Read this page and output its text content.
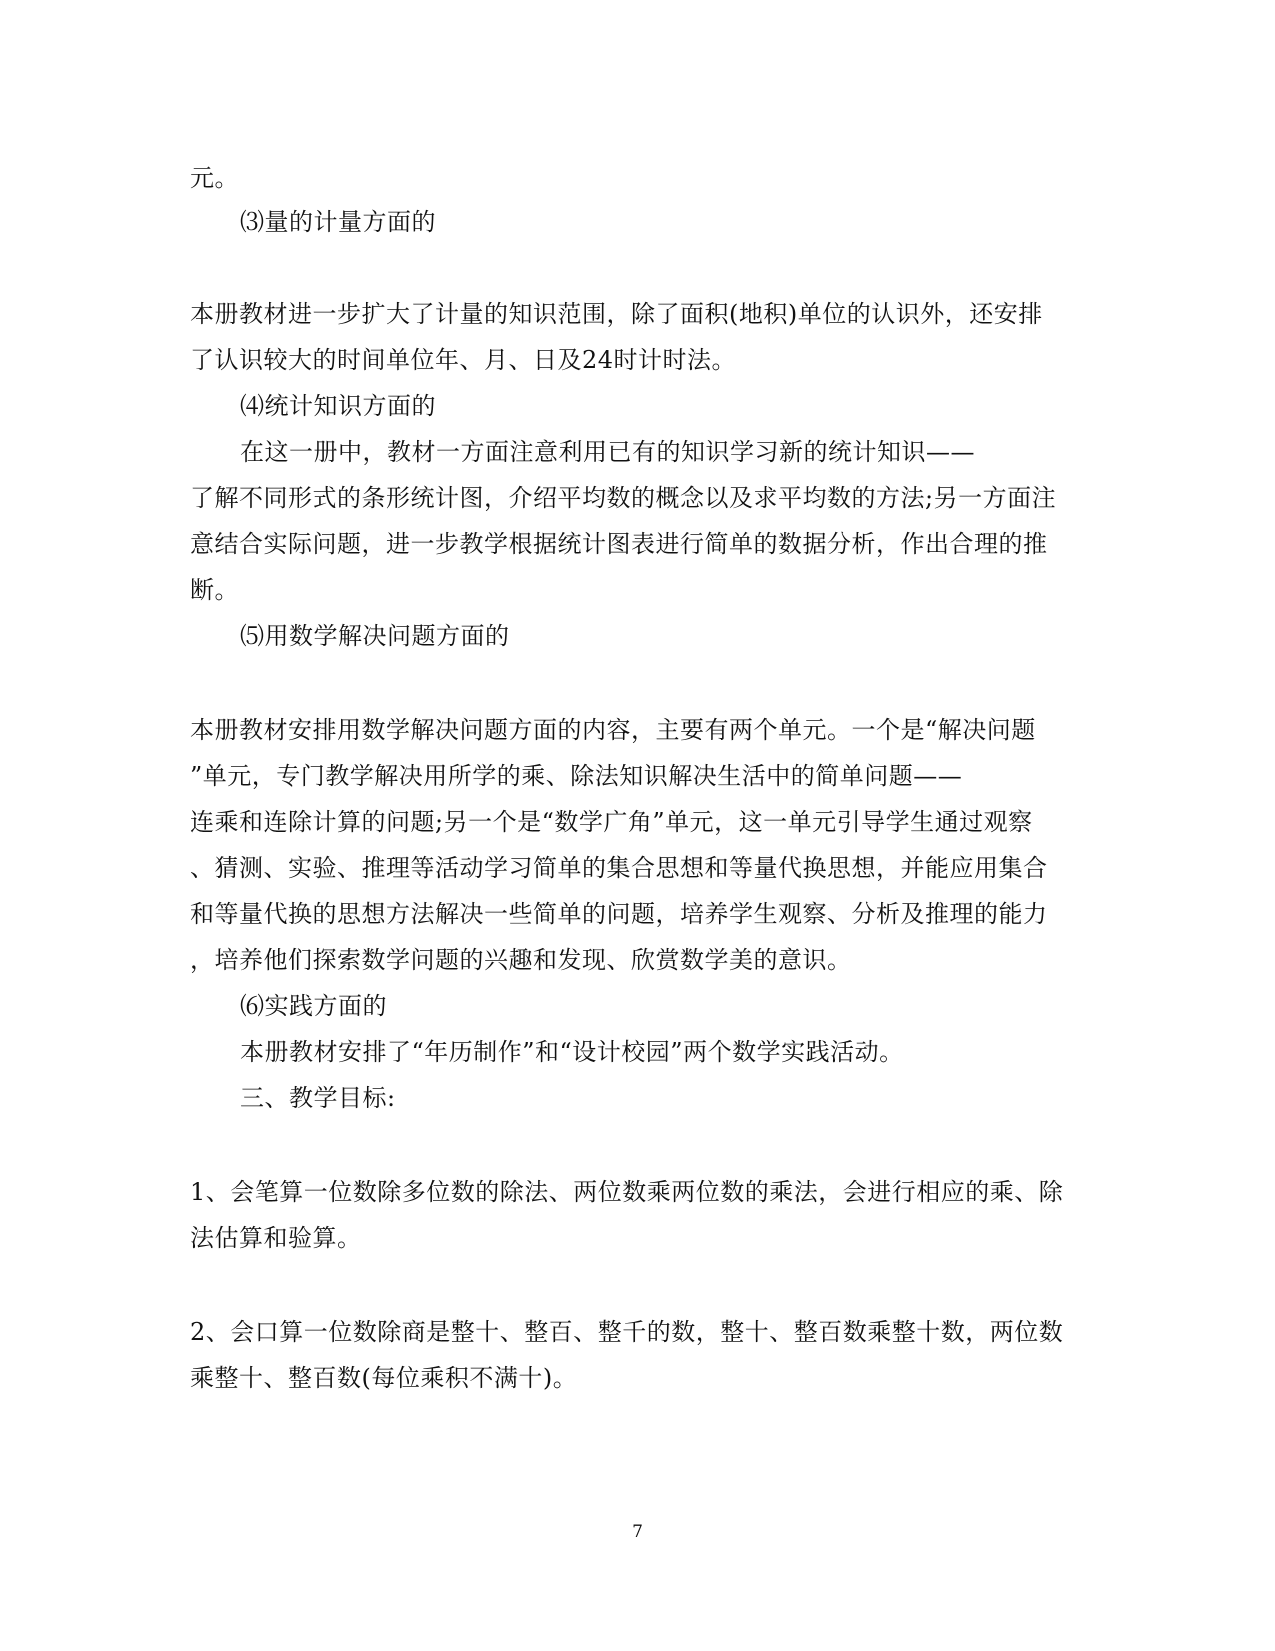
元。
⑶量的计量方面的
本册教材进一步扩大了计量的知识范围，除了面积(地积)单位的认识外，还安排
了认识较大的时间单位年、月、日及24时计时法。
⑷统计知识方面的
在这一册中，教材一方面注意利用已有的知识学习新的统计知识——
了解不同形式的条形统计图，介绍平均数的概念以及求平均数的方法;另一方面注
意结合实际问题，进一步教学根据统计图表进行简单的数据分析，作出合理的推
断。
⑸用数学解决问题方面的
本册教材安排用数学解决问题方面的内容，主要有两个单元。一个是“解决问题
”单元，专门教学解决用所学的乘、除法知识解决生活中的简单问题——
连乘和连除计算的问题;另一个是“数学广角”单元，这一单元引导学生通过观察
、猜测、实验、推理等活动学习简单的集合思想和等量代换思想，并能应用集合
和等量代换的思想方法解决一些简单的问题，培养学生观察、分析及推理的能力
，培养他们探索数学问题的兴趣和发现、欣赏数学美的意识。
⑹实践方面的
本册教材安排了“年历制作”和“设计校园”两个数学实践活动。
三、教学目标:
1、会笔算一位数除多位数的除法、两位数乘两位数的乘法，会进行相应的乘、除
法估算和验算。
2、会口算一位数除商是整十、整百、整千的数，整十、整百数乘整十数，两位数
乘整十、整百数(每位乘积不满十)。
7
